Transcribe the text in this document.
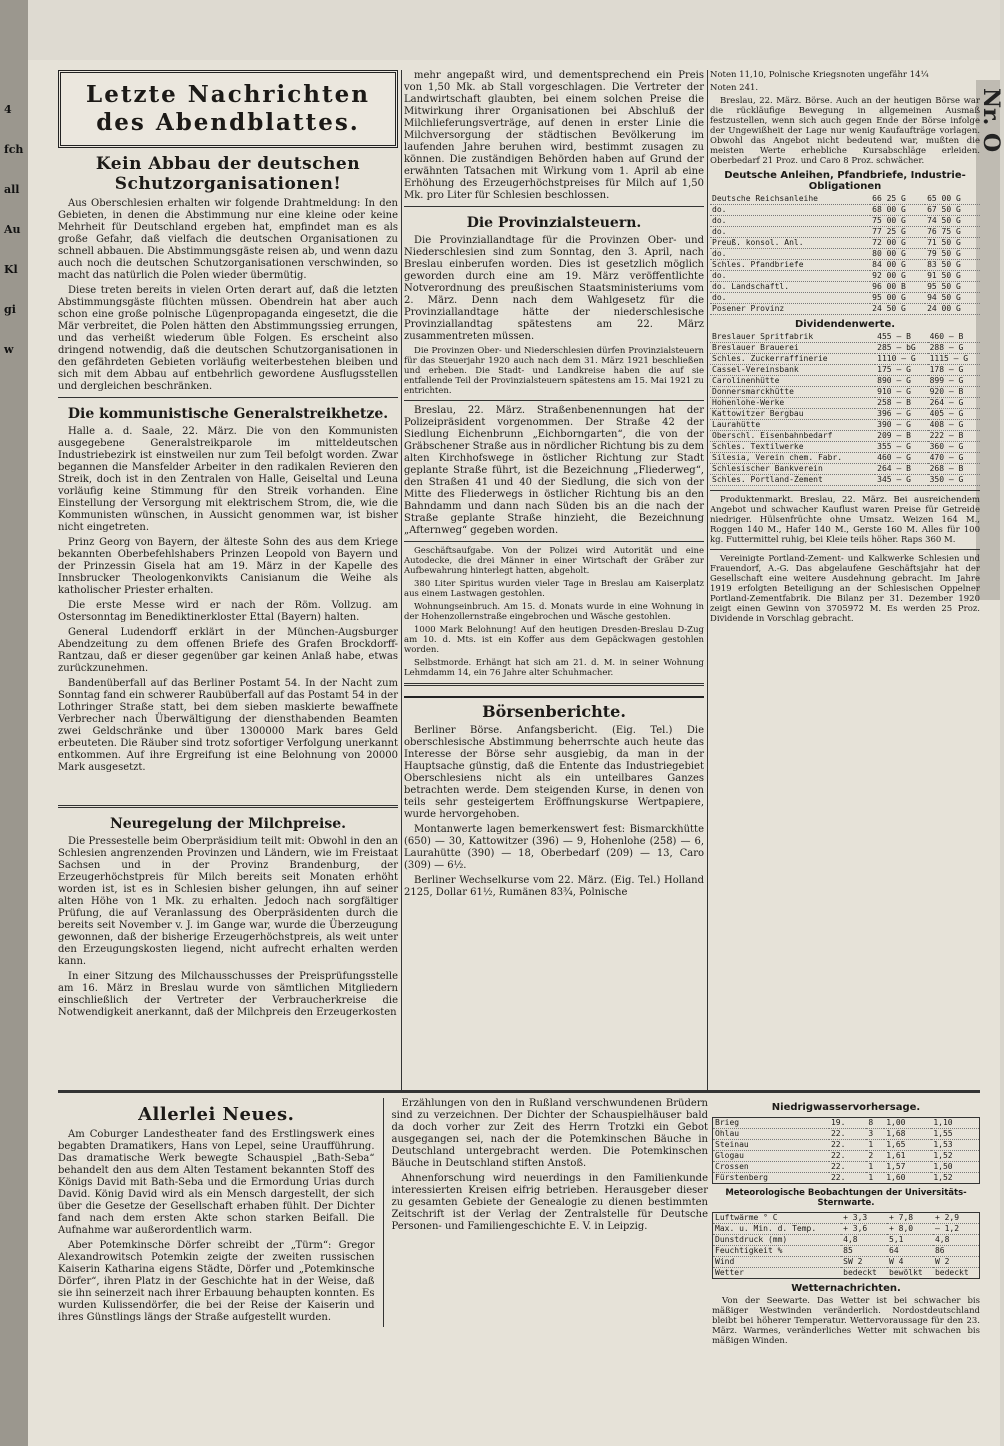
4
fch
all
Au
Kl
gi
w
Nr.
O
Letzte Nachrichten des Abendblattes.
Kein Abbau der deutschen Schutzorganisationen!

Aus Oberschlesien erhalten wir folgende Drahtmeldung: In den Gebieten, in denen die Abstimmung nur eine kleine oder keine Mehrheit für Deutschland ergeben hat, empfindet man es als große Gefahr, daß vielfach die deutschen Organisationen zu schnell abbauen. Die Abstimmungsgäste reisen ab, und wenn dazu auch noch die deutschen Schutzorganisationen verschwinden, so macht das natürlich die Polen wieder übermütig.

Diese treten bereits in vielen Orten derart auf, daß die letzten Abstimmungsgäste flüchten müssen. Obendrein hat aber auch schon eine große polnische Lügenpropaganda eingesetzt, die die Mär verbreitet, die Polen hätten den Abstimmungssieg errungen, und das verheißt wiederum üble Folgen. Es erscheint also dringend notwendig, daß die deutschen Schutzorganisationen in den gefährdeten Gebieten vorläufig weiterbestehen bleiben und sich mit dem Abbau auf entbehrlich gewordene Ausflugsstellen und dergleichen beschränken.

Die kommunistische Generalstreikhetze.

Halle a. d. Saale, 22. März. Die von den Kommunisten ausgegebene Generalstreikparole im mitteldeutschen Industriebezirk ist einstweilen nur zum Teil befolgt worden. Zwar begannen die Mansfelder Arbeiter in den radikalen Revieren den Streik, doch ist in den Zentralen von Halle, Geiseltal und Leuna vorläufig keine Stimmung für den Streik vorhanden. Eine Einstellung der Versorgung mit elektrischem Strom, die, wie die Kommunisten wünschen, in Aussicht genommen war, ist bisher nicht eingetreten.

Prinz Georg von Bayern, der älteste Sohn des aus dem Kriege bekannten Oberbefehlshabers Prinzen Leopold von Bayern und der Prinzessin Gisela hat am 19. März in der Kapelle des Innsbrucker Theologenkonvikts Canisianum die Weihe als katholischer Priester erhalten.

Die erste Messe wird er nach der Röm. Vollzug. am Ostersonntag im Benediktinerkloster Ettal (Bayern) halten.

General Ludendorff erklärt in der München-Augsburger Abendzeitung zu dem offenen Briefe des Grafen Brockdorff-Rantzau, daß er dieser gegenüber gar keinen Anlaß habe, etwas zurückzunehmen.

Bandenüberfall auf das Berliner Postamt 54. In der Nacht zum Sonntag fand ein schwerer Raubüberfall auf das Postamt 54 in der Lothringer Straße statt, bei dem sieben maskierte bewaffnete Verbrecher nach Überwältigung der diensthabenden Beamten zwei Geldschränke und über 1300000 Mark bares Geld erbeuteten. Die Räuber sind trotz sofortiger Verfolgung unerkannt entkommen. Auf ihre Ergreifung ist eine Belohnung von 20000 Mark ausgesetzt.

Neuregelung der Milchpreise.

Die Pressestelle beim Oberpräsidium teilt mit: Obwohl in den an Schlesien angrenzenden Provinzen und Ländern, wie im Freistaat Sachsen und in der Provinz Brandenburg, der Erzeugerhöchstpreis für Milch bereits seit Monaten erhöht worden ist, ist es in Schlesien bisher gelungen, ihn auf seiner alten Höhe von 1 Mk. zu erhalten. Jedoch nach sorgfältiger Prüfung, die auf Veranlassung des Oberpräsidenten durch die bereits seit November v. J. im Gange war, wurde die Überzeugung gewonnen, daß der bisherige Erzeugerhöchstpreis, als weit unter den Erzeugungskosten liegend, nicht aufrecht erhalten werden kann.

In einer Sitzung des Milchausschusses der Preisprüfungsstelle am 16. März in Breslau wurde von sämtlichen Mitgliedern einschließlich der Vertreter der Verbraucherkreise die Notwendigkeit anerkannt, daß der Milchpreis den Erzeugerkosten

mehr angepaßt wird, und dementsprechend ein Preis von 1,50 Mk. ab Stall vorgeschlagen. Die Vertreter der Landwirtschaft glaubten, bei einem solchen Preise die Mitwirkung ihrer Organisationen bei Abschluß der Milchlieferungsverträge, auf denen in erster Linie die Milchversorgung der städtischen Bevölkerung im laufenden Jahre beruhen wird, bestimmt zusagen zu können. Die zuständigen Behörden haben auf Grund der erwähnten Tatsachen mit Wirkung vom 1. April ab eine Erhöhung des Erzeugerhöchstpreises für Milch auf 1,50 Mk. pro Liter für Schlesien beschlossen.

Die Provinzialsteuern.

Die Provinziallandtage für die Provinzen Ober- und Niederschlesien sind zum Sonntag, den 3. April, nach Breslau einberufen worden. Dies ist gesetzlich möglich geworden durch eine am 19. März veröffentlichte Notverordnung des preußischen Staatsministeriums vom 2. März. Denn nach dem Wahlgesetz für die Provinziallandtage hätte der niederschlesische Provinziallandtag spätestens am 22. März zusammentreten müssen.

Die Provinzen Ober- und Niederschlesien dürfen Provinzialsteuern für das Steuerjahr 1920 auch nach dem 31. März 1921 beschließen und erheben. Die Stadt- und Landkreise haben die auf sie entfallende Teil der Provinzialsteuern spätestens am 15. Mai 1921 zu entrichten.

Breslau, 22. März. Straßenbenennungen hat der Polizeipräsident vorgenommen. Der Straße 42 der Siedlung Eichenbrunn „Eichborngarten“, die von der Gräbschener Straße aus in nördlicher Richtung bis zu dem alten Kirchhofswege in östlicher Richtung zur Stadt geplante Straße führt, ist die Bezeichnung „Fliederweg“, den Straßen 41 und 40 der Siedlung, die sich von der Mitte des Fliederwegs in östlicher Richtung bis an den Bahndamm und dann nach Süden bis an die nach der Straße geplante Straße hinzieht, die Bezeichnung „Afternweg“ gegeben worden.

Geschäftsaufgabe. Von der Polizei wird Autorität und eine Autodecke, die drei Männer in einer Wirtschaft der Gräber zur Aufbewahrung hinterlegt hatten, abgeholt.

380 Liter Spiritus wurden vieler Tage in Breslau am Kaiserplatz aus einem Lastwagen gestohlen.

Wohnungseinbruch. Am 15. d. Monats wurde in eine Wohnung in der Hohenzollernstraße eingebrochen und Wäsche gestohlen.

1000 Mark Belohnung! Auf den heutigen Dresden-Breslau D-Zug am 10. d. Mts. ist ein Koffer aus dem Gepäckwagen gestohlen worden.

Selbstmorde. Erhängt hat sich am 21. d. M. in seiner Wohnung Lehmdamm 14, ein 76 Jahre alter Schuhmacher.

Börsenberichte.

Berliner Börse. Anfangsbericht. (Eig. Tel.) Die oberschlesische Abstimmung beherrschte auch heute das Interesse der Börse sehr ausgiebig, da man in der Hauptsache günstig, daß die Entente das Industriegebiet Oberschlesiens nicht als ein unteilbares Ganzes betrachten werde. Dem steigenden Kurse, in denen von teils sehr gesteigertem Eröffnungskurse Wertpapiere, wurde hervorgehoben.

Montanwerte lagen bemerkenswert fest: Bismarckhütte (650) — 30, Kattowitzer (396) — 9, Hohenlohe (258) — 6, Laurahütte (390) — 18, Oberbedarf (209) — 13, Caro (309) — 6½.

Berliner Wechselkurse vom 22. März. (Eig. Tel.) Holland 2125, Dollar 61½, Rumänen 83¾, Polnische

Noten 11,10, Polnische Kriegsnoten ungefähr 14¼

Noten 241.

Breslau, 22. März. Börse. Auch an der heutigen Börse war die rückläufige Bewegung in allgemeinen Ausmaß festzustellen, wenn sich auch gegen Ende der Börse infolge der Ungewißheit der Lage nur wenig Kaufaufträge vorlagen. Obwohl das Angebot nicht bedeutend war, mußten die meisten Werte erhebliche Kursabschläge erleiden. Oberbedarf 21 Proz. und Caro 8 Proz. schwächer.

Deutsche Anleihen, Pfandbriefe, Industrie-Obligationen
Deutsche Reichsanleihe	66 25 G	65 00 G
do.	68 00 G	67 50 G
do.	75 00 G	74 50 G
do.	77 25 G	76 75 G
Preuß. konsol. Anl.	72 00 G	71 50 G
do.	80 00 G	79 50 G
Schles. Pfandbriefe	84 00 G	83 50 G
do.	92 00 G	91 50 G
do. Landschaftl.	96 00 B	95 50 G
do.	95 00 G	94 50 G
Posener Provinz	24 50 G	24 00 G
Dividendenwerte.
Breslauer Spritfabrik	455 — B	460 — B
Breslauer Brauerei	285 — bG	288 — G
Schles. Zuckerraffinerie	1110 — G	1115 — G
Cassel-Vereinsbank	175 — G	178 — G
Carolinenhütte	890 — G	899 — G
Donnersmarckhütte	910 — G	920 — B
Hohenlohe-Werke	258 — B	264 — G
Kattowitzer Bergbau	396 — G	405 — G
Laurahütte	390 — G	408 — G
Oberschl. Eisenbahnbedarf	209 — B	222 — B
Schles. Textilwerke	355 — G	360 — G
Silesia, Verein chem. Fabr.	460 — G	470 — G
Schlesischer Bankverein	264 — B	268 — B
Schles. Portland-Zement	345 — G	350 — G

Produktenmarkt. Breslau, 22. März. Bei ausreichendem Angebot und schwacher Kauflust waren Preise für Getreide niedriger. Hülsenfrüchte ohne Umsatz. Weizen 164 M., Roggen 140 M., Hafer 140 M., Gerste 160 M. Alles für 100 kg. Futtermittel ruhig, bei Kleie teils höher. Raps 360 M.

Vereinigte Portland-Zement- und Kalkwerke Schlesien und Frauendorf, A.-G. Das abgelaufene Geschäftsjahr hat der Gesellschaft eine weitere Ausdehnung gebracht. Im Jahre 1919 erfolgten Beteiligung an der Schlesischen Oppelner Portland-Zementfabrik. Die Bilanz per 31. Dezember 1920 zeigt einen Gewinn von 3705972 M. Es werden 25 Proz. Dividende in Vorschlag gebracht.

Allerlei Neues.

Am Coburger Landestheater fand des Erstlingswerk eines begabten Dramatikers, Hans von Lepel, seine Uraufführung. Das dramatische Werk bewegte Schauspiel „Bath-Seba“ behandelt den aus dem Alten Testament bekannten Stoff des Königs David mit Bath-Seba und die Ermordung Urias durch David. König David wird als ein Mensch dargestellt, der sich über die Gesetze der Gesellschaft erhaben fühlt. Der Dichter fand nach dem ersten Akte schon starken Beifall. Die Aufnahme war außerordentlich warm.

Aber Potemkinsche Dörfer schreibt der „Türm“: Gregor Alexandrowitsch Potemkin zeigte der zweiten russischen Kaiserin Katharina eigens Städte, Dörfer und „Potemkinsche Dörfer“, ihren Platz in der Geschichte hat in der Weise, daß sie ihn seinerzeit nach ihrer Erbauung behaupten konnten. Es wurden Kulissendörfer, die bei der Reise der Kaiserin und ihres Günstlings längs der Straße aufgestellt wurden.

Erzählungen von den in Rußland verschwundenen Brüdern sind zu verzeichnen. Der Dichter der Schauspielhäuser bald da doch vorher zur Zeit des Herrn Trotzki ein Gebot ausgegangen sei, nach der die Potemkinschen Bäuche in Deutschland untergebracht werden. Die Potemkinschen Bäuche in Deutschland stiften Anstoß.

Ahnenforschung wird neuerdings in den Familienkunde interessierten Kreisen eifrig betrieben. Herausgeber dieser zu gesamten Gebiete der Genealogie zu dienen bestimmten Zeitschrift ist der Verlag der Zentralstelle für Deutsche Personen- und Familiengeschichte E. V. in Leipzig.

Niedrigwasservorhersage.
Brieg	19.	8	1,00	1,10
Ohlau	22.	3	1,68	1,55
Steinau	22.	1	1,65	1,53
Glogau	22.	2	1,61	1,52
Crossen	22.	1	1,57	1,50
Fürstenberg	22.	1	1,60	1,52
Meteorologische Beobachtungen der Universitäts-Sternwarte.
Luftwärme ° C	+ 3,3	+ 7,8	+ 2,9
Max. u. Min. d. Temp.	+ 3,6	+ 8,0	— 1,2
Dunstdruck (mm)	4,8	5,1	4,8
Feuchtigkeit %	85	64	86
Wind	SW 2	W 4	W 2
Wetter	bedeckt	bewölkt	bedeckt
Wetternachrichten.

Von der Seewarte. Das Wetter ist bei schwacher bis mäßiger Westwinden veränderlich. Nordostdeutschland bleibt bei höherer Temperatur. Wettervoraussage für den 23. März. Warmes, veränderliches Wetter mit schwachen bis mäßigen Winden.
